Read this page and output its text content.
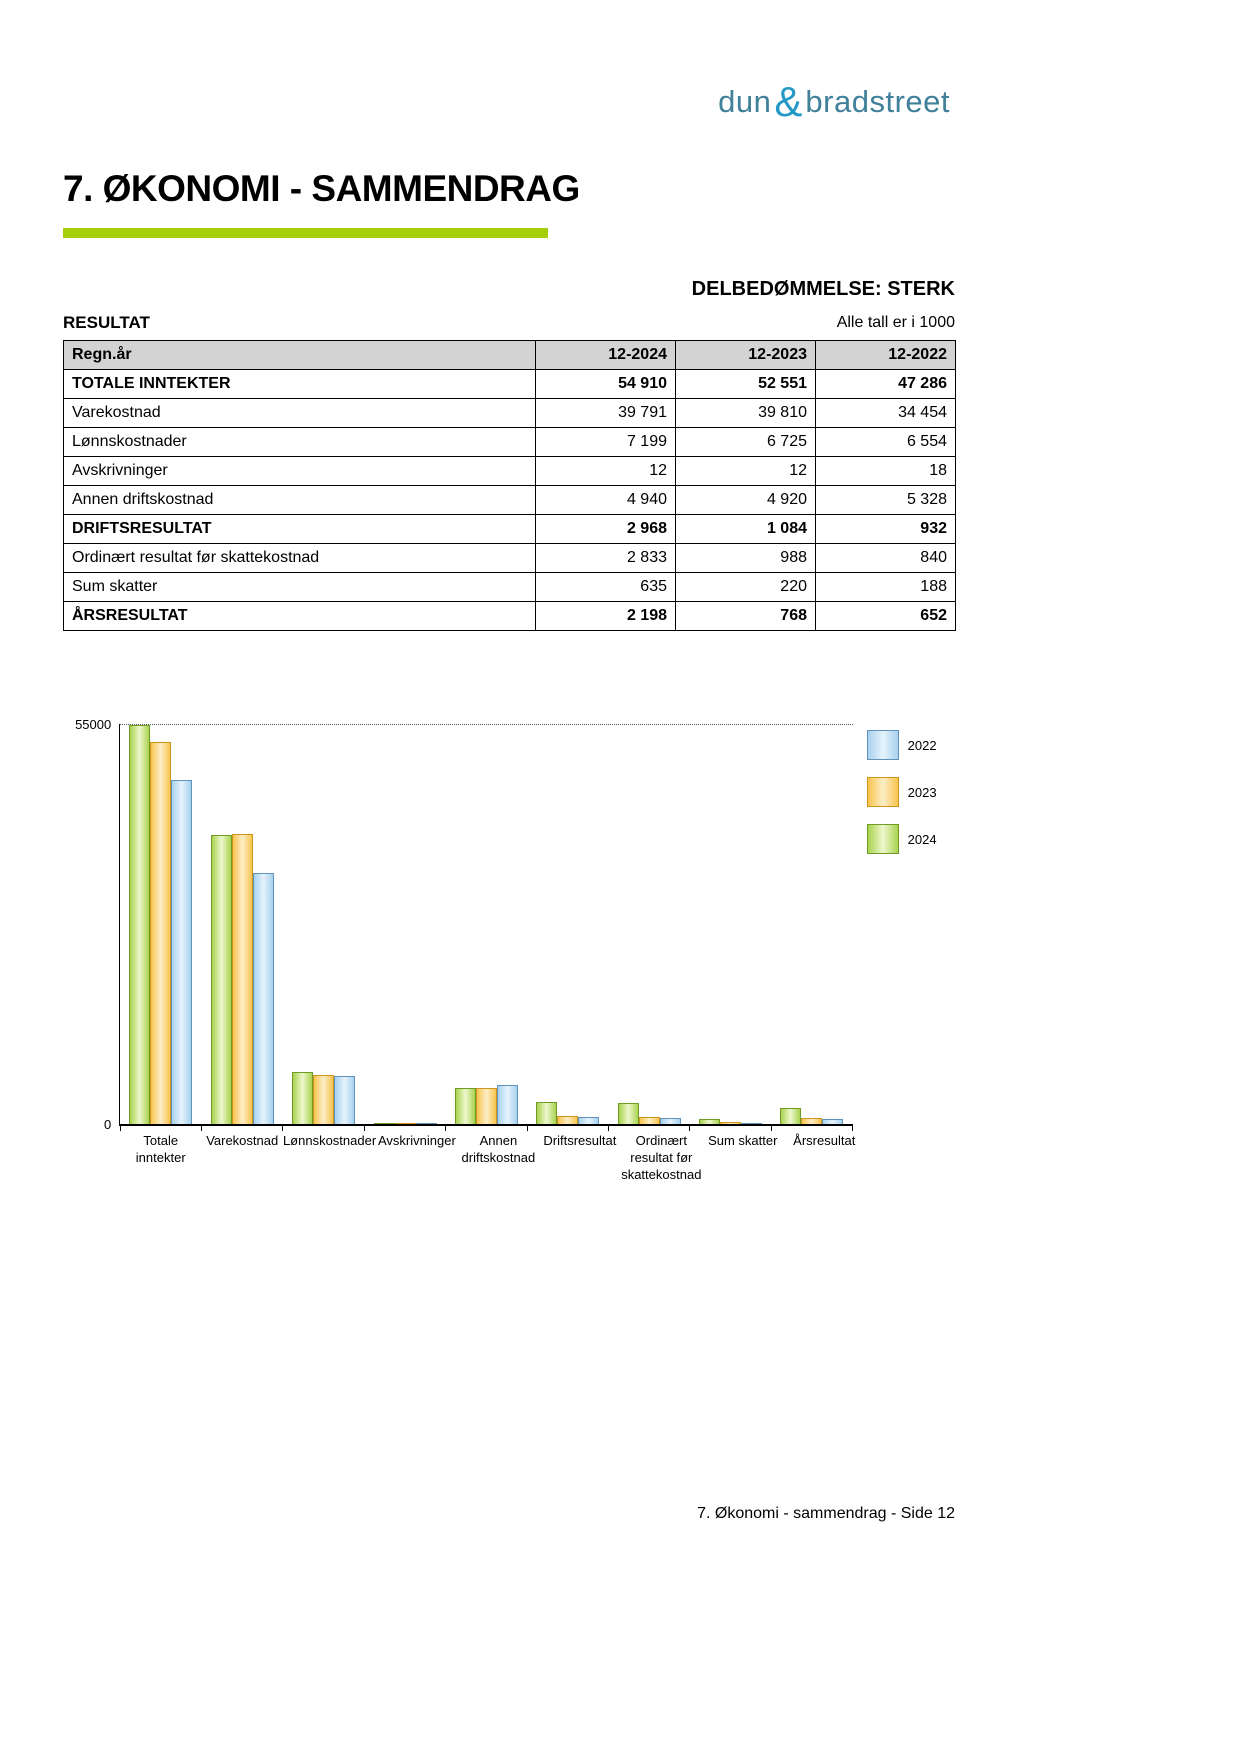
dun&bradstreet
7. ØKONOMI - SAMMENDRAG
DELBEDØMMELSE: STERK
RESULTAT	Alle tall er i 1000
Regn.år	12-2024	12-2023	12-2022
TOTALE INNTEKTER	54 910	52 551	47 286
Varekostnad	39 791	39 810	34 454
Lønnskostnader	7 199	6 725	6 554
Avskrivninger	12	12	18
Annen driftskostnad	4 940	4 920	5 328
DRIFTSRESULTAT	2 968	1 084	932
Ordinært resultat før skattekostnad	2 833	988	840
Sum skatter	635	220	188
ÅRSRESULTAT	2 198	768	652
55000
0
2022
2023
2024
Totale inntekter
Varekostnad Lønnskostnader Avskrivninger	Annen driftskostnad
Driftsresultat	Ordinært resultat før skattekostnad
Sum skatter	Årsresultat
7. Økonomi - sammendrag - Side 12
